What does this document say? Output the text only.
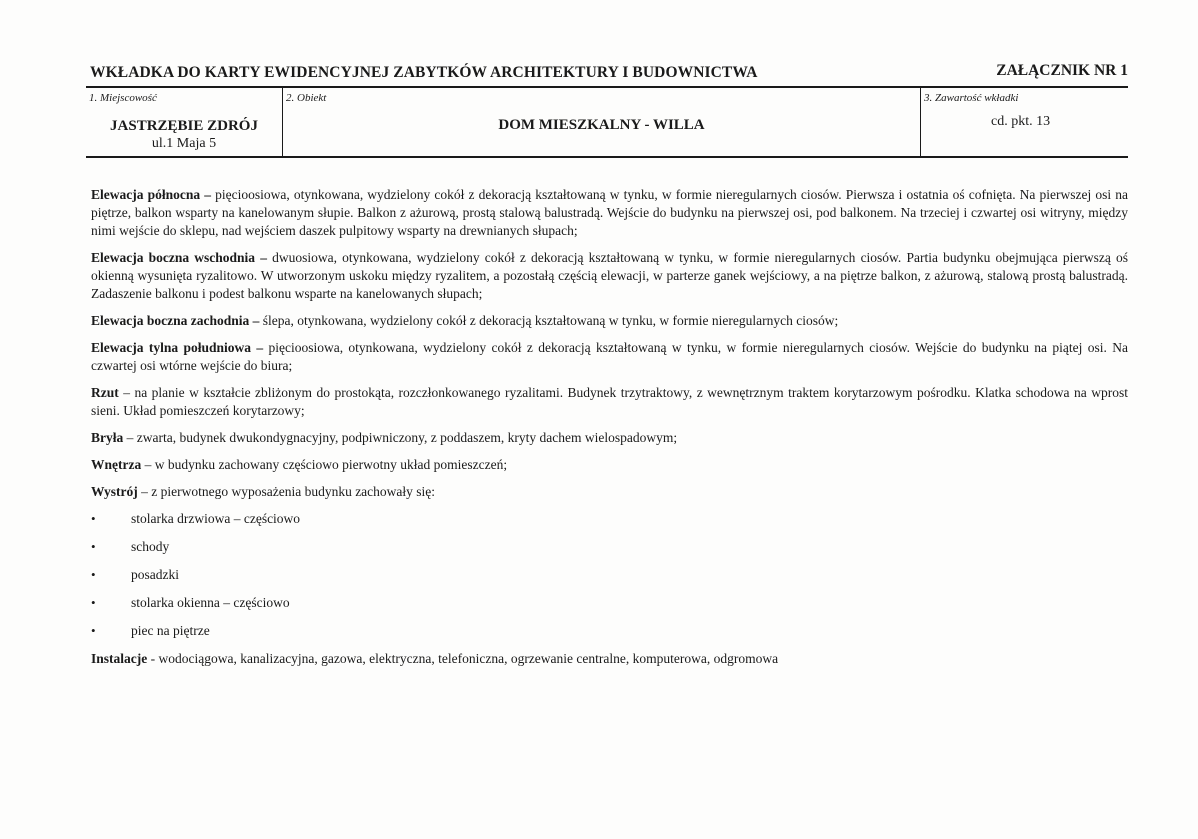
WKŁADKA DO KARTY EWIDENCYJNEJ ZABYTKÓW ARCHITEKTURY I BUDOWNICTWA	ZAŁĄCZNIK NR 1
1. Miejscowość
JASTRZĘBIE ZDRÓJ
ul.1 Maja 5
2. Obiekt
DOM MIESZKALNY - WILLA
3. Zawartość wkładki
cd. pkt. 13

Elewacja północna – pięcioosiowa, otynkowana, wydzielony cokół z dekoracją kształtowaną w tynku, w formie nieregularnych ciosów. Pierwsza i ostatnia oś cofnięta. Na pierwszej osi na piętrze, balkon wsparty na kanelowanym słupie. Balkon z ażurową, prostą stalową balustradą. Wejście do budynku na pierwszej osi, pod balkonem. Na trzeciej i czwartej osi witryny, między nimi wejście do sklepu, nad wejściem daszek pulpitowy wsparty na drewnianych słupach;

Elewacja boczna wschodnia – dwuosiowa, otynkowana, wydzielony cokół z dekoracją kształtowaną w tynku, w formie nieregularnych ciosów. Partia budynku obejmująca pierwszą oś okienną wysunięta ryzalitowo. W utworzonym uskoku między ryzalitem, a pozostałą częścią elewacji, w parterze ganek wejściowy, a na piętrze balkon, z ażurową, stalową prostą balustradą. Zadaszenie balkonu i podest balkonu wsparte na kanelowanych słupach;

Elewacja boczna zachodnia – ślepa, otynkowana, wydzielony cokół z dekoracją kształtowaną w tynku, w formie nieregularnych ciosów;

Elewacja tylna południowa – pięcioosiowa, otynkowana, wydzielony cokół z dekoracją kształtowaną w tynku, w formie nieregularnych ciosów. Wejście do budynku na piątej osi. Na czwartej osi wtórne wejście do biura;

Rzut – na planie w kształcie zbliżonym do prostokąta, rozczłonkowanego ryzalitami. Budynek trzytraktowy, z wewnętrznym traktem korytarzowym pośrodku. Klatka schodowa na wprost sieni. Układ pomieszczeń korytarzowy;

Bryła – zwarta, budynek dwukondygnacyjny, podpiwniczony, z poddaszem, kryty dachem wielospadowym;

Wnętrza – w budynku zachowany częściowo pierwotny układ pomieszczeń;

Wystrój – z pierwotnego wyposażenia budynku zachowały się:

•	stolarka drzwiowa – częściowo
•	schody
•	posadzki
•	stolarka okienna – częściowo
•	piec na piętrze

Instalacje - wodociągowa, kanalizacyjna, gazowa, elektryczna, telefoniczna, ogrzewanie centralne, komputerowa, odgromowa
